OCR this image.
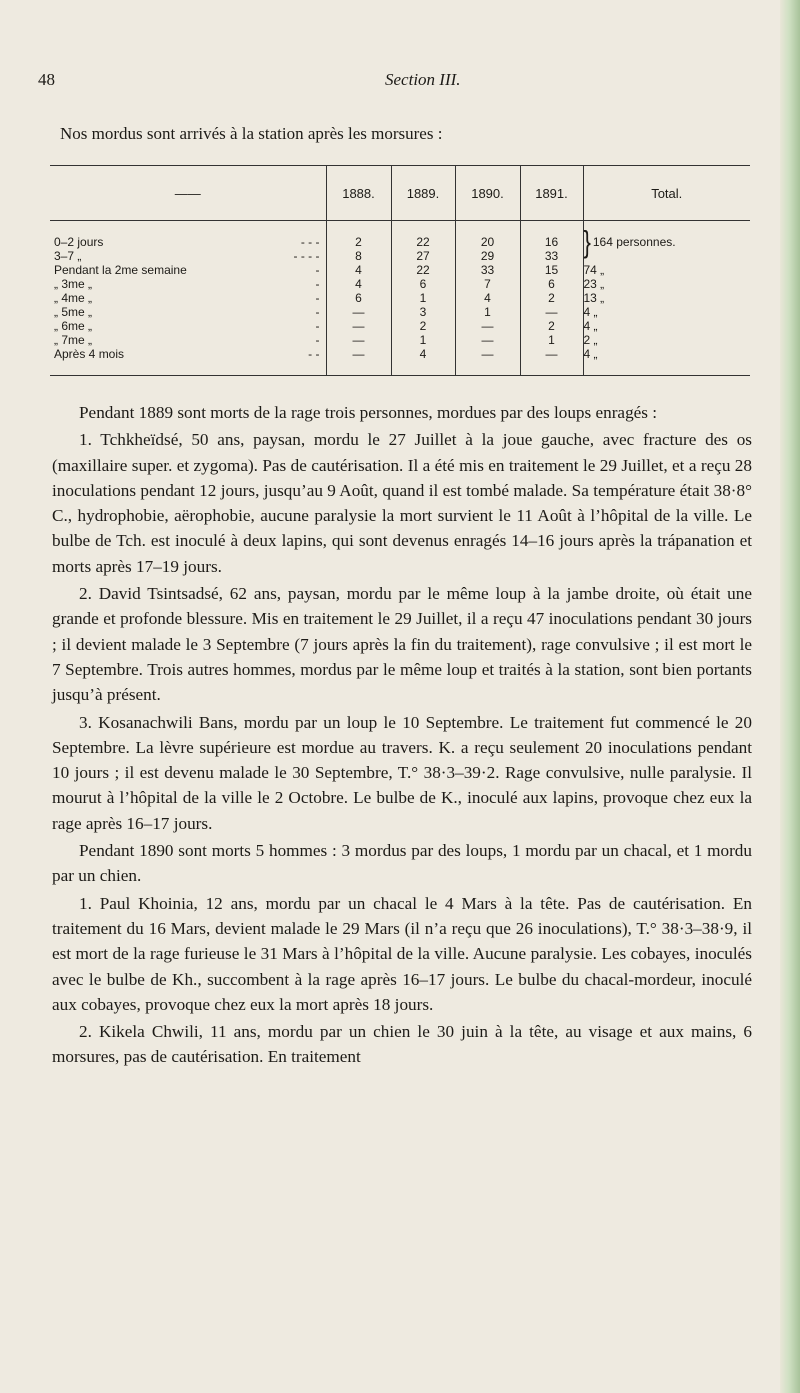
48	Section III.
Nos mordus sont arrivés à la station après les morsures :
——	1888.	1889.	1890.	1891.	Total.
0–2 jours - - -	2	22	20	16	} 164 personnes.
3–7 „ - - - -	8	27	29	33	
Pendant la 2me semaine -	4	22	33	15	74 „
„ 3me „ -	4	6	7	6	23 „
„ 4me „ -	6	1	4	2	13 „
„ 5me „ -	—	3	1	—	4 „
„ 6me „ -	—	2	—	2	4 „
„ 7me „ -	—	1	—	1	2 „
Après 4 mois - -	—	4	—	—	4 „

Pendant 1889 sont morts de la rage trois personnes, mordues par des loups enragés :

1. Tchkheïdsé, 50 ans, paysan, mordu le 27 Juillet à la joue gauche, avec fracture des os (maxillaire super. et zygoma). Pas de cautérisation. Il a été mis en traitement le 29 Juillet, et a reçu 28 inoculations pendant 12 jours, jusqu’au 9 Août, quand il est tombé malade. Sa température était 38·8° C., hydrophobie, aërophobie, aucune paralysie la mort survient le 11 Août à l’hôpital de la ville. Le bulbe de Tch. est inoculé à deux lapins, qui sont devenus enragés 14–16 jours après la trápanation et morts après 17–19 jours.

2. David Tsintsadsé, 62 ans, paysan, mordu par le même loup à la jambe droite, où était une grande et profonde blessure. Mis en traitement le 29 Juillet, il a reçu 47 inoculations pendant 30 jours ; il devient malade le 3 Septembre (7 jours après la fin du traitement), rage convulsive ; il est mort le 7 Septembre. Trois autres hommes, mordus par le même loup et traités à la station, sont bien portants jusqu’à présent.

3. Kosanachwili Bans, mordu par un loup le 10 Septembre. Le traitement fut commencé le 20 Septembre. La lèvre supérieure est mordue au travers. K. a reçu seulement 20 inoculations pendant 10 jours ; il est devenu malade le 30 Septembre, T.° 38·3–39·2. Rage convulsive, nulle paralysie. Il mourut à l’hôpital de la ville le 2 Octobre. Le bulbe de K., inoculé aux lapins, provoque chez eux la rage après 16–17 jours.

Pendant 1890 sont morts 5 hommes : 3 mordus par des loups, 1 mordu par un chacal, et 1 mordu par un chien.

1. Paul Khoinia, 12 ans, mordu par un chacal le 4 Mars à la tête. Pas de cautérisation. En traitement du 16 Mars, devient malade le 29 Mars (il n’a reçu que 26 inoculations), T.° 38·3–38·9, il est mort de la rage furieuse le 31 Mars à l’hôpital de la ville. Aucune paralysie. Les cobayes, inoculés avec le bulbe de Kh., succombent à la rage après 16–17 jours. Le bulbe du chacal-mordeur, inoculé aux cobayes, provoque chez eux la mort après 18 jours.

2. Kikela Chwili, 11 ans, mordu par un chien le 30 juin à la tête, au visage et aux mains, 6 morsures, pas de cautérisation. En traitement
